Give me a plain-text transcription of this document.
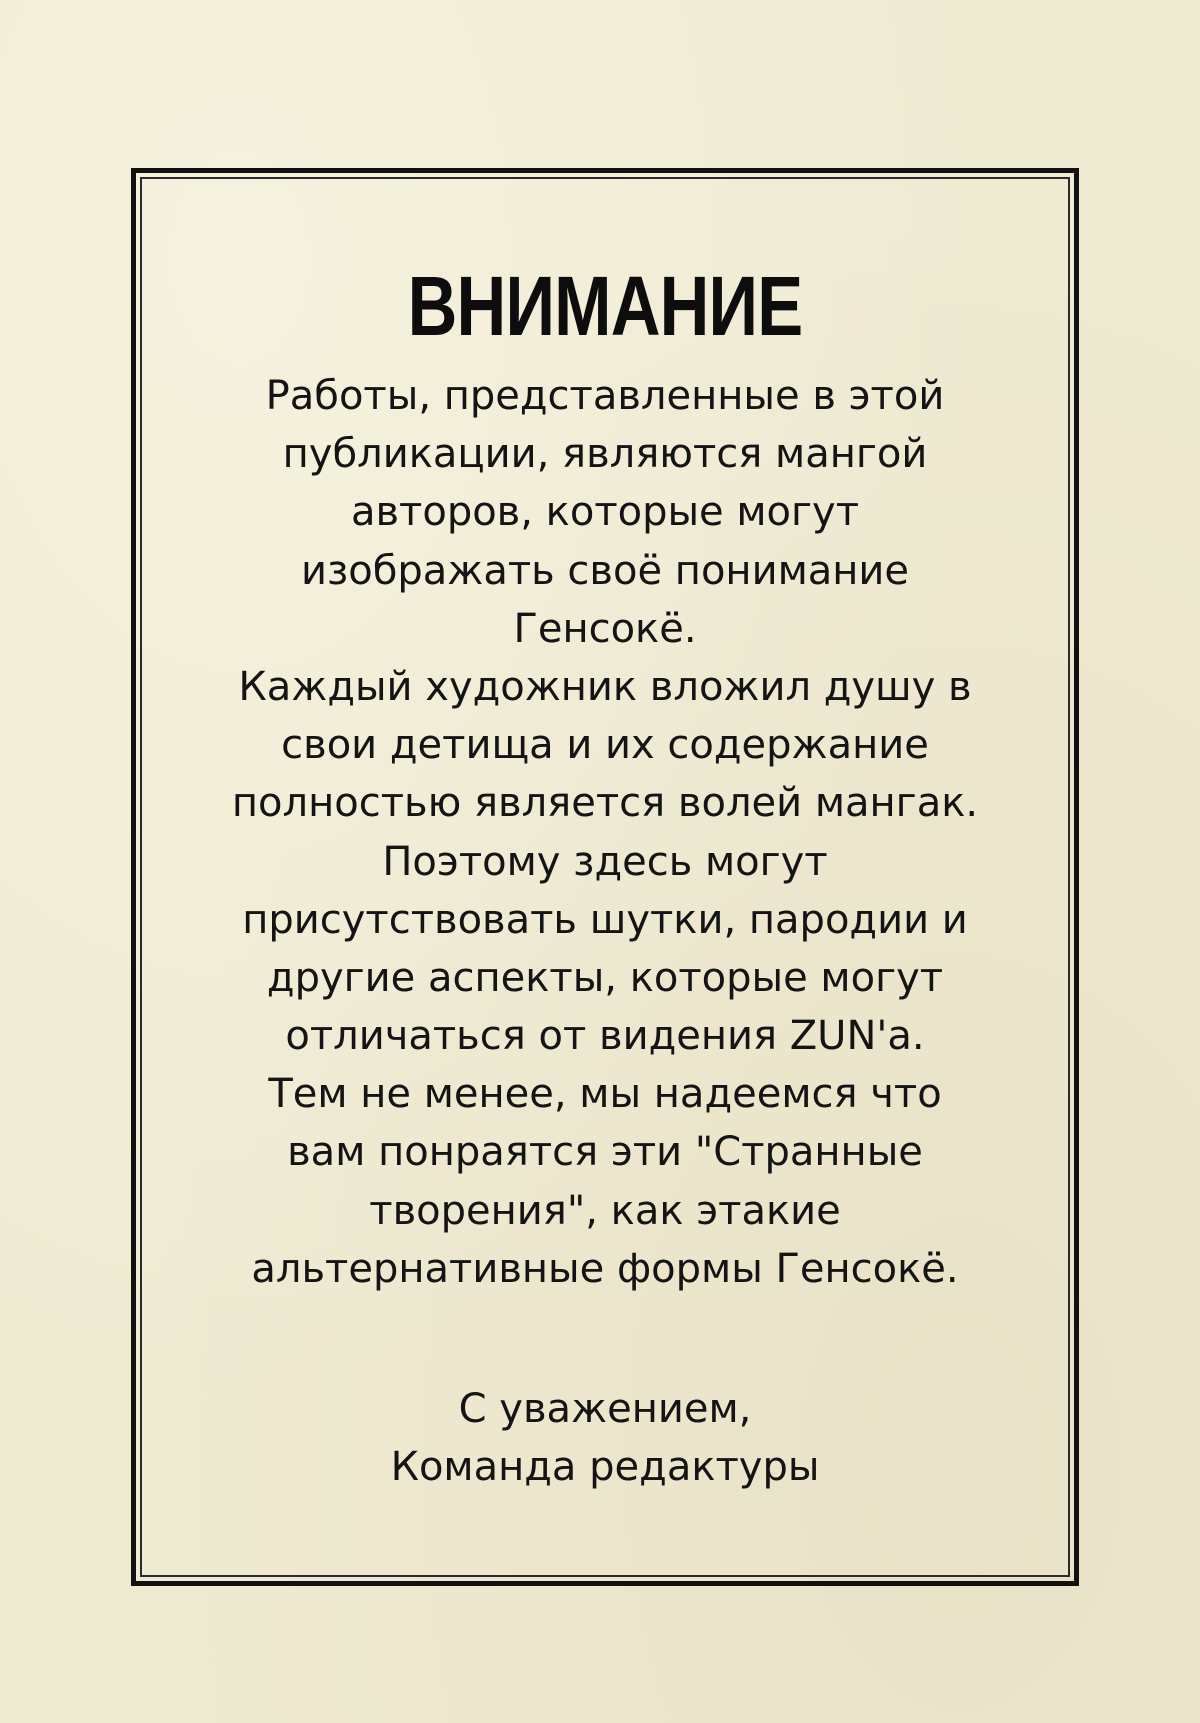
ВНИМАНИЕ
Работы, представленные в этой
публикации, являются мангой
авторов, которые могут
изображать своё понимание
Генсокё.
Каждый художник вложил душу в
свои детища и их содержание
полностью является волей мангак.
Поэтому здесь могут
присутствовать шутки, пародии и
другие аспекты, которые могут
отличаться от видения ZUN'a.
Тем не менее, мы надеемся что
вам понраятся эти "Странные
творения", как этакие
альтернативные формы Генсокё.
С уважением,
Команда редактуры
